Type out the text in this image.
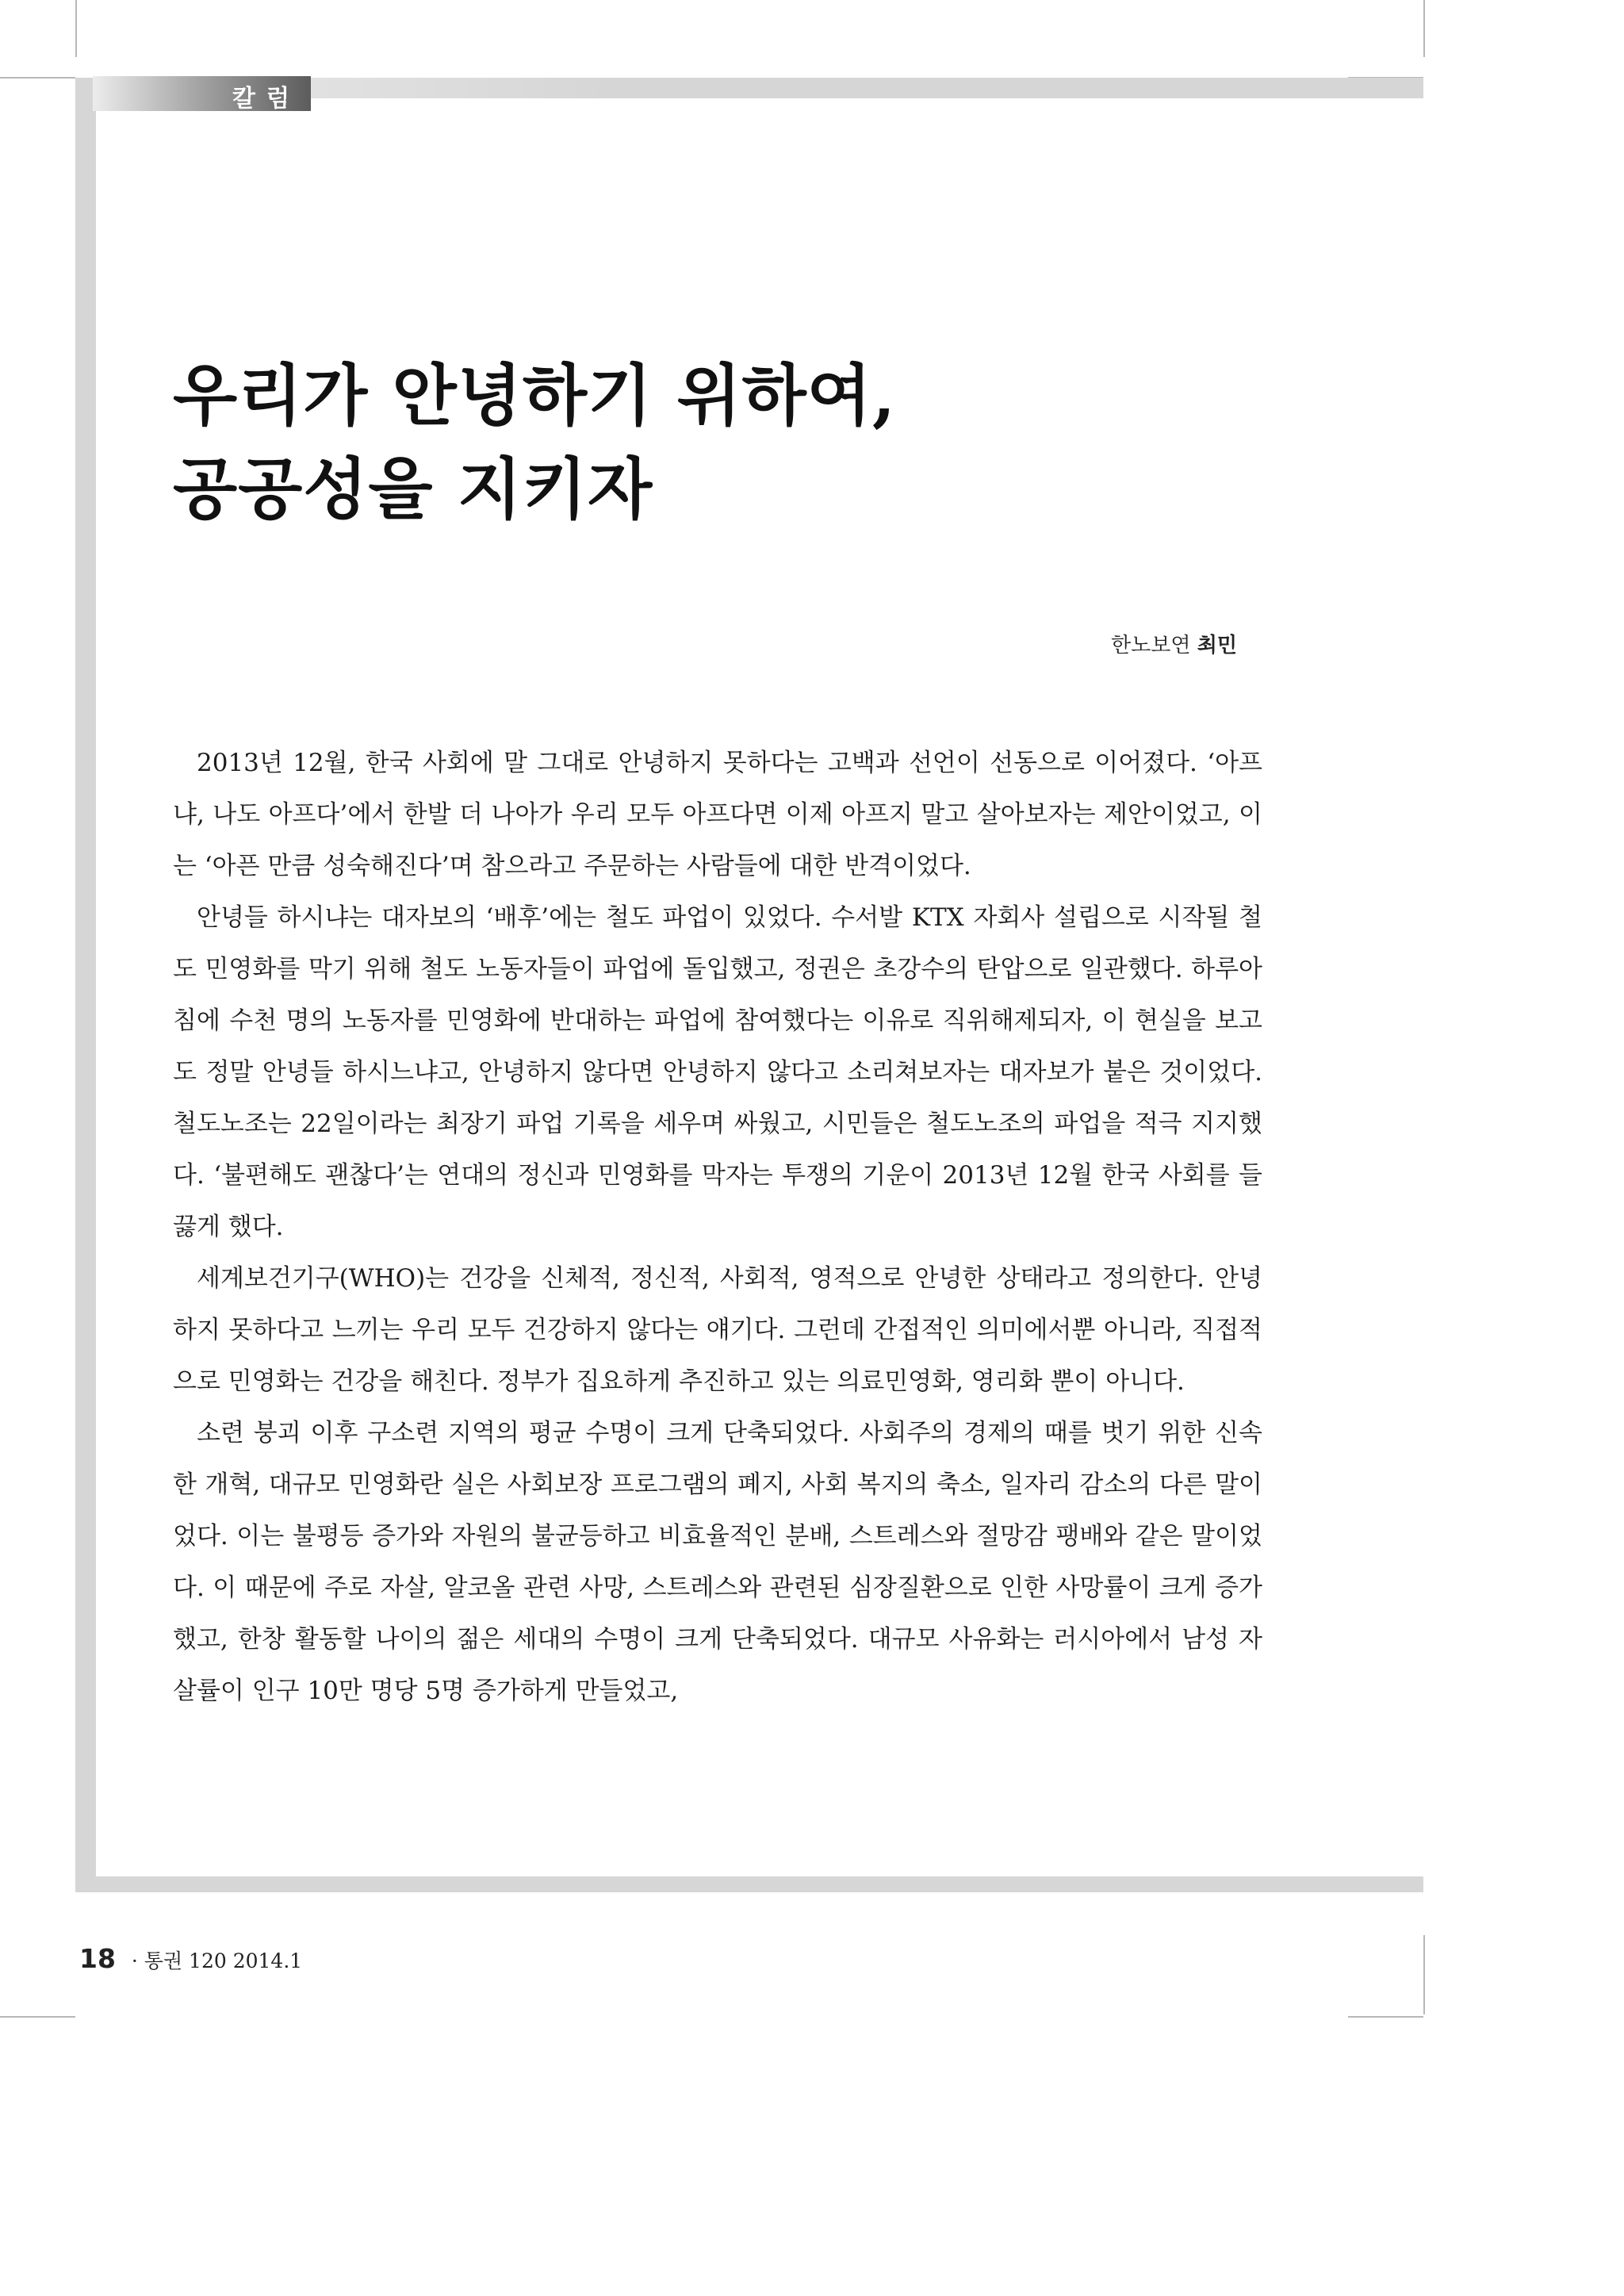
칼럼
우리가 안녕하기 위하여,
공공성을 지키자
한노보연 최민

2013년 12월, 한국 사회에 말 그대로 안녕하지 못하다는 고백과 선언이 선동으로 이어졌다. ‘아프냐, 나도 아프다’에서 한발 더 나아가 우리 모두 아프다면 이제 아프지 말고 살아보자는 제안이었고, 이는 ‘아픈 만큼 성숙해진다’며 참으라고 주문하는 사람들에 대한 반격이었다.

안녕들 하시냐는 대자보의 ‘배후’에는 철도 파업이 있었다. 수서발 KTX 자회사 설립으로 시작될 철도 민영화를 막기 위해 철도 노동자들이 파업에 돌입했고, 정권은 초강수의 탄압으로 일관했다. 하루아침에 수천 명의 노동자를 민영화에 반대하는 파업에 참여했다는 이유로 직위해제되자, 이 현실을 보고도 정말 안녕들 하시느냐고, 안녕하지 않다면 안녕하지 않다고 소리쳐보자는 대자보가 붙은 것이었다. 철도노조는 22일이라는 최장기 파업 기록을 세우며 싸웠고, 시민들은 철도노조의 파업을 적극 지지했다. ‘불편해도 괜찮다’는 연대의 정신과 민영화를 막자는 투쟁의 기운이 2013년 12월 한국 사회를 들끓게 했다.

세계보건기구(WHO)는 건강을 신체적, 정신적, 사회적, 영적으로 안녕한 상태라고 정의한다. 안녕하지 못하다고 느끼는 우리 모두 건강하지 않다는 얘기다. 그런데 간접적인 의미에서뿐 아니라, 직접적으로 민영화는 건강을 해친다. 정부가 집요하게 추진하고 있는 의료민영화, 영리화 뿐이 아니다.

소련 붕괴 이후 구소련 지역의 평균 수명이 크게 단축되었다. 사회주의 경제의 때를 벗기 위한 신속한 개혁, 대규모 민영화란 실은 사회보장 프로그램의 폐지, 사회 복지의 축소, 일자리 감소의 다른 말이었다. 이는 불평등 증가와 자원의 불균등하고 비효율적인 분배, 스트레스와 절망감 팽배와 같은 말이었다. 이 때문에 주로 자살, 알코올 관련 사망, 스트레스와 관련된 심장질환으로 인한 사망률이 크게 증가했고, 한창 활동할 나이의 젊은 세대의 수명이 크게 단축되었다. 대규모 사유화는 러시아에서 남성 자살률이 인구 10만 명당 5명 증가하게 만들었고,

18 · 통권 120 2014.1
